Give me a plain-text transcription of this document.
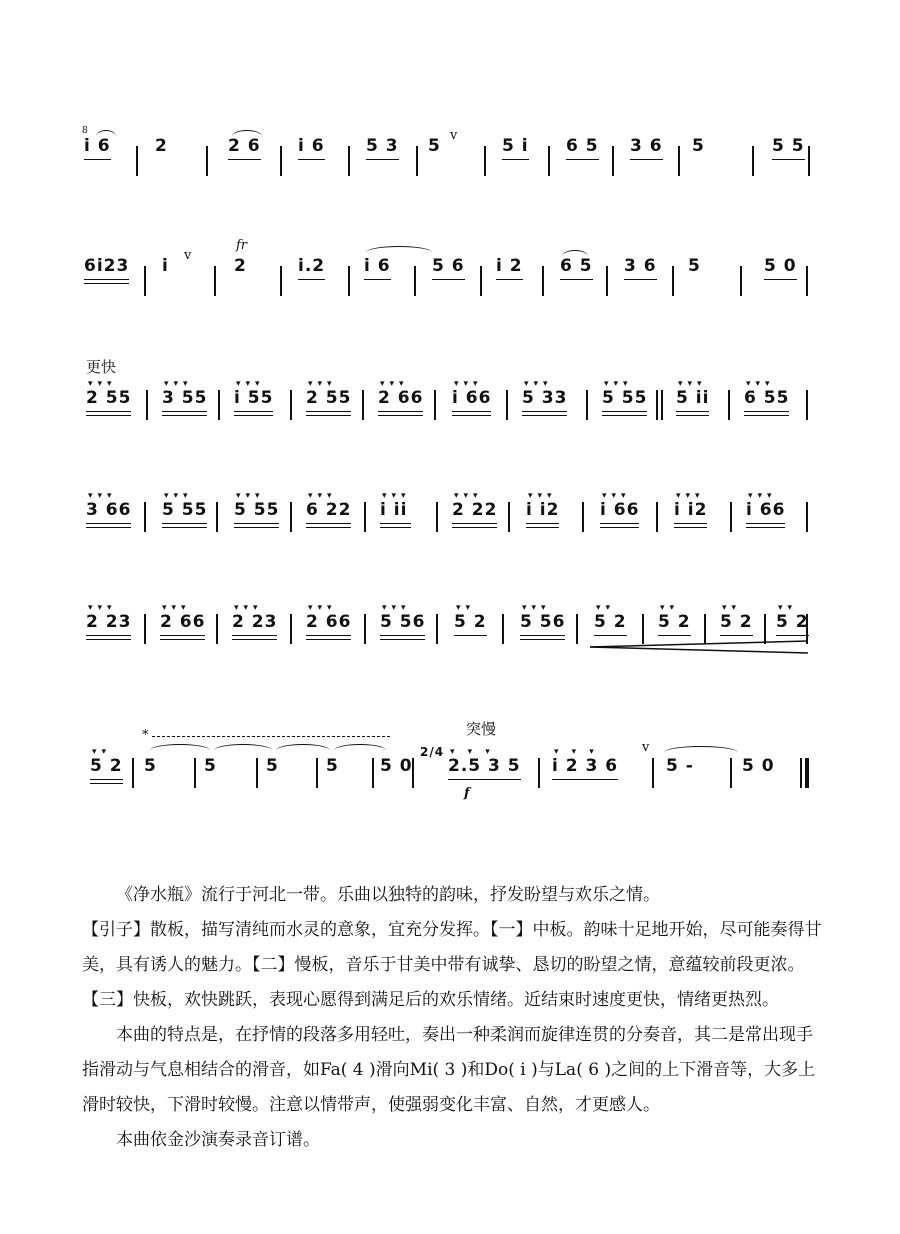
8
i 6	2	2 6 i 6 5 3 5
v
5 i 6 5 3 6 5	5 5
6i23 i
v
fr
2	i.2 i 6 5 6 i 2 6 5 3 6 5	5 0
更快
▾▾▾
2 55
▾▾▾
3 55
▾▾▾
i 55
▾▾▾
2 55
▾▾▾
2 66
▾▾▾
i 66
▾▾▾
5 33
▾▾▾
5 55
▾▾▾
5 ii
▾▾▾
6 55
▾▾▾
3 66
▾▾▾
5 55
▾▾▾
5 55
▾▾▾
6 22
▾▾▾
i ii
▾▾▾
2 22
▾▾▾
i i2
▾▾▾
i 66
▾▾▾
i i2
▾▾▾
i 66
▾▾▾
2 23
▾▾▾
2 66
▾▾▾
2 23
▾▾▾
2 66
▾▾▾
5 56
▾▾
5 2
▾▾▾
5 56
▾▾
5 2
▾▾
5 2
▾▾
5 2
▾▾
5 2
▾▾
5 2
*

5
	5
	5
	5
5 0
2/4
突慢
▾ ▾ ▾
2.5 3 5
f
▾ ▾ ▾
i 2 3 6
v

5 -
	5 0

《净水瓶》流行于河北一带。乐曲以独特的韵味，抒发盼望与欢乐之情。

【引子】散板，描写清纯而水灵的意象，宜充分发挥。【一】中板。韵味十足地开始，尽可能奏得甘美，具有诱人的魅力。【二】慢板，音乐于甘美中带有诚挚、恳切的盼望之情，意蕴较前段更浓。【三】快板，欢快跳跃，表现心愿得到满足后的欢乐情绪。近结束时速度更快，情绪更热烈。

本曲的特点是，在抒情的段落多用轻吐，奏出一种柔润而旋律连贯的分奏音，其二是常出现手指滑动与气息相结合的滑音，如Fa( 4 )滑向Mi( 3 )和Do( i )与La( 6 )之间的上下滑音等，大多上滑时较快，下滑时较慢。注意以情带声，使强弱变化丰富、自然，才更感人。

本曲依金沙演奏录音订谱。
